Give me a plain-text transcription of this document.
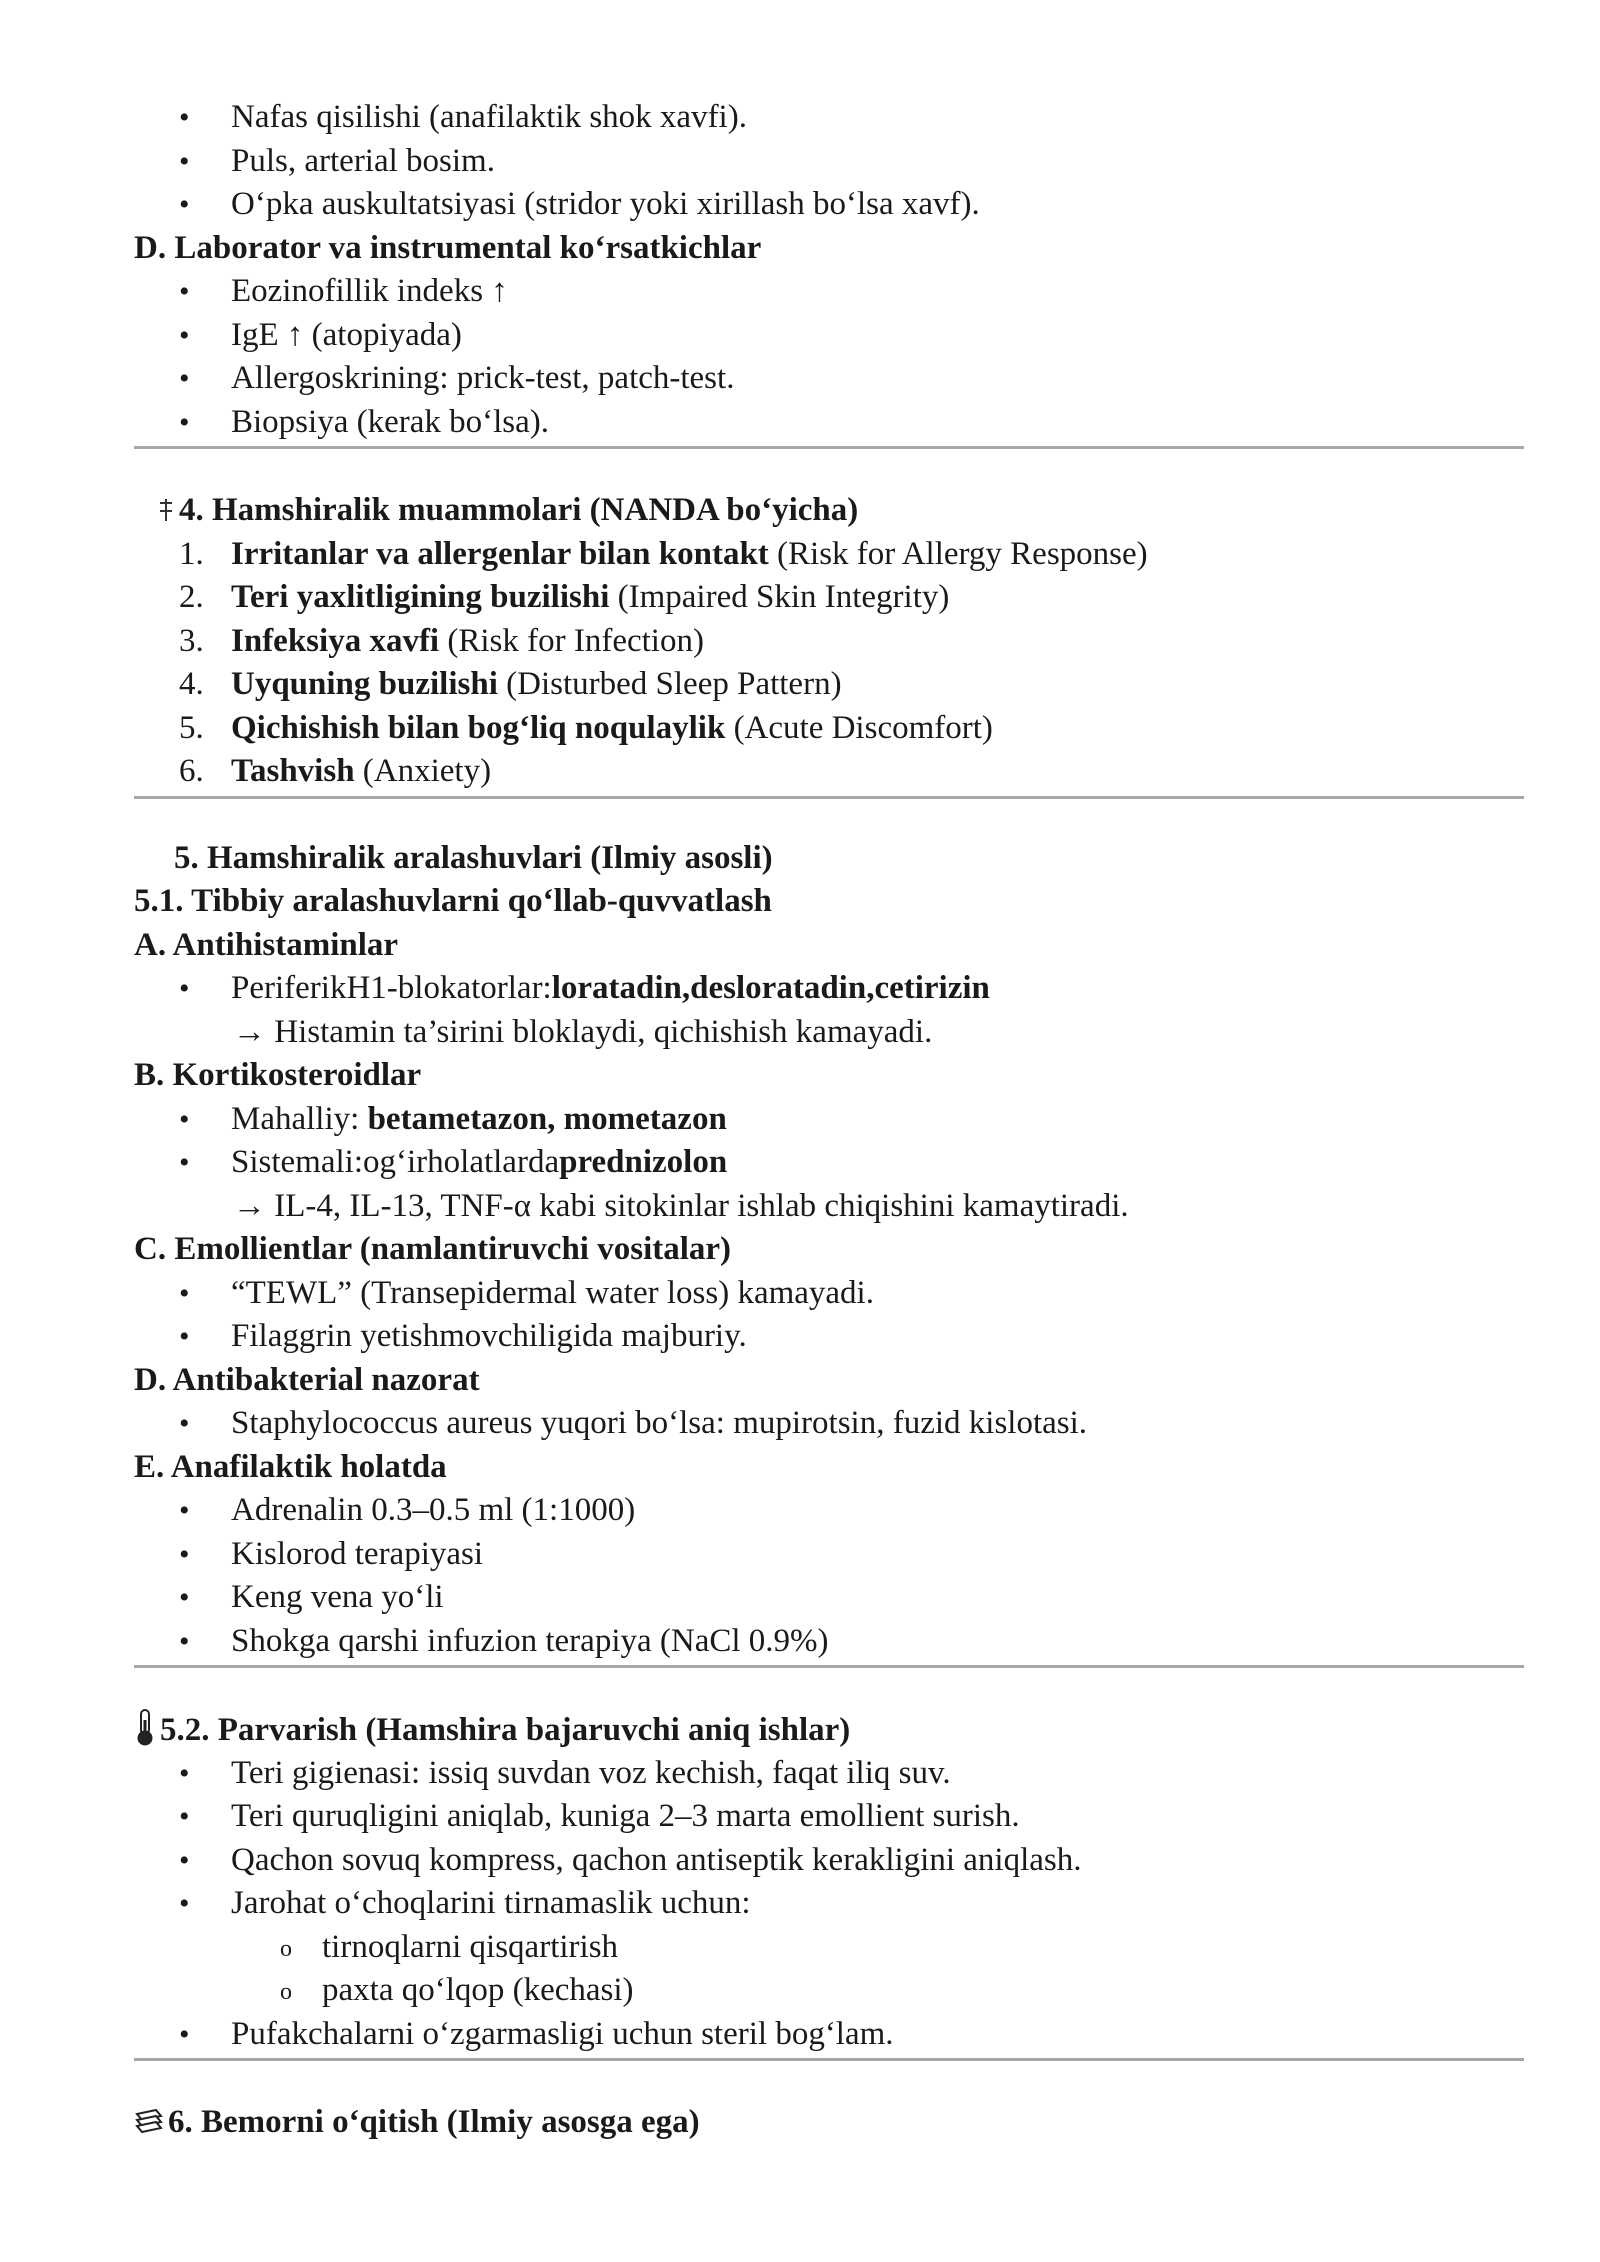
• Nafas qisilishi (anafilaktik shok xavfi).
• Puls, arterial bosim.
• O‘pka auskultatsiyasi (stridor yoki xirillash bo‘lsa xavf).
D. Laborator va instrumental ko‘rsatkichlar
• Eozinofillik indeks ↑
• IgE ↑ (atopiyada)
• Allergoskrining: prick-test, patch-test.
• Biopsiya (kerak bo‘lsa).
4. Hamshiralik muammolari (NANDA bo‘yicha)
1. Irritanlar va allergenlar bilan kontakt (Risk for Allergy Response)
2. Teri yaxlitligining buzilishi (Impaired Skin Integrity)
3. Infeksiya xavfi (Risk for Infection)
4. Uyquning buzilishi (Disturbed Sleep Pattern)
5. Qichishish bilan bog‘liq noqulaylik (Acute Discomfort)
6. Tashvish (Anxiety)
5. Hamshiralik aralashuvlari (Ilmiy asosli)
5.1. Tibbiy aralashuvlarni qo‘llab-quvvatlash
A. Antihistaminlar
• PeriferikH1-blokatorlar:loratadin,desloratadin,cetirizin
→ Histamin ta’sirini bloklaydi, qichishish kamayadi.
B. Kortikosteroidlar
• Mahalliy: betametazon, mometazon
• Sistemali:og‘irholatlardaprednizolon
→ IL-4, IL-13, TNF-α kabi sitokinlar ishlab chiqishini kamaytiradi.
C. Emollientlar (namlantiruvchi vositalar)
• “TEWL” (Transepidermal water loss) kamayadi.
• Filaggrin yetishmovchiligida majburiy.
D. Antibakterial nazorat
• Staphylococcus aureus yuqori bo‘lsa: mupirotsin, fuzid kislotasi.
E. Anafilaktik holatda
• Adrenalin 0.3–0.5 ml (1:1000)
• Kislorod terapiyasi
• Keng vena yo‘li
• Shokga qarshi infuzion terapiya (NaCl 0.9%)
5.2. Parvarish (Hamshira bajaruvchi aniq ishlar)
• Teri gigienasi: issiq suvdan voz kechish, faqat iliq suv.
• Teri quruqligini aniqlab, kuniga 2–3 marta emollient surish.
• Qachon sovuq kompress, qachon antiseptik kerakligini aniqlash.
• Jarohat o‘choqlarini tirnamaslik uchun:
o tirnoqlarni qisqartirish
o paxta qo‘lqop (kechasi)
• Pufakchalarni o‘zgarmasligi uchun steril bog‘lam.
6. Bemorni o‘qitish (Ilmiy asosga ega)
